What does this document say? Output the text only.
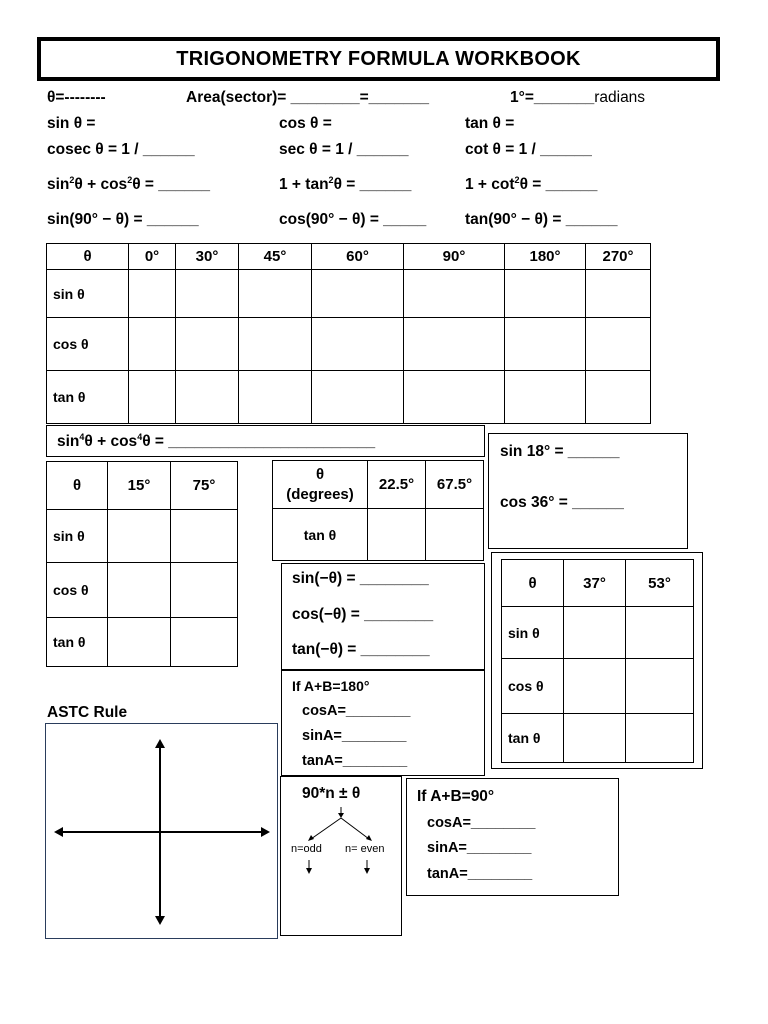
TRIGONOMETRY FORMULA WORKBOOK
θ=--------	Area(sector)= ________=_______	1°=_______radians
sin θ =	cos θ =	tan θ =
cosec θ = 1 / ______	sec θ = 1 / ______	cot θ = 1 / ______
$\sin^2\theta + \cos^2\theta$ = ______	$1 + \tan^2\theta$ = ______	$1 + \cot^2\theta$ = ______
sin(90° − θ) = ______	cos(90° − θ) = _____ tan(90° − θ) = ______
θ	0°	30°	45°	60°	90°	180°	270°
sin θ							
cos θ							
tan θ							
$\sin^4\theta + \cos^4\theta$ = ________________________
sin 18° = ______
cos 36° = ______
θ	15°	75°
sin θ		
cos θ		
tan θ		
θ
(degrees)	22.5°	67.5°
tan θ		
sin(−θ) = ________
cos(−θ) = ________
tan(−θ) = ________
θ	37°	53°
sin θ		
cos θ		
tan θ		
If A+B=180°
cosA=________
sinA=________
tanA=________
ASTC Rule
90*n ± θ
n=odd n= even
If A+B=90°
cosA=________
sinA=________
tanA=________
